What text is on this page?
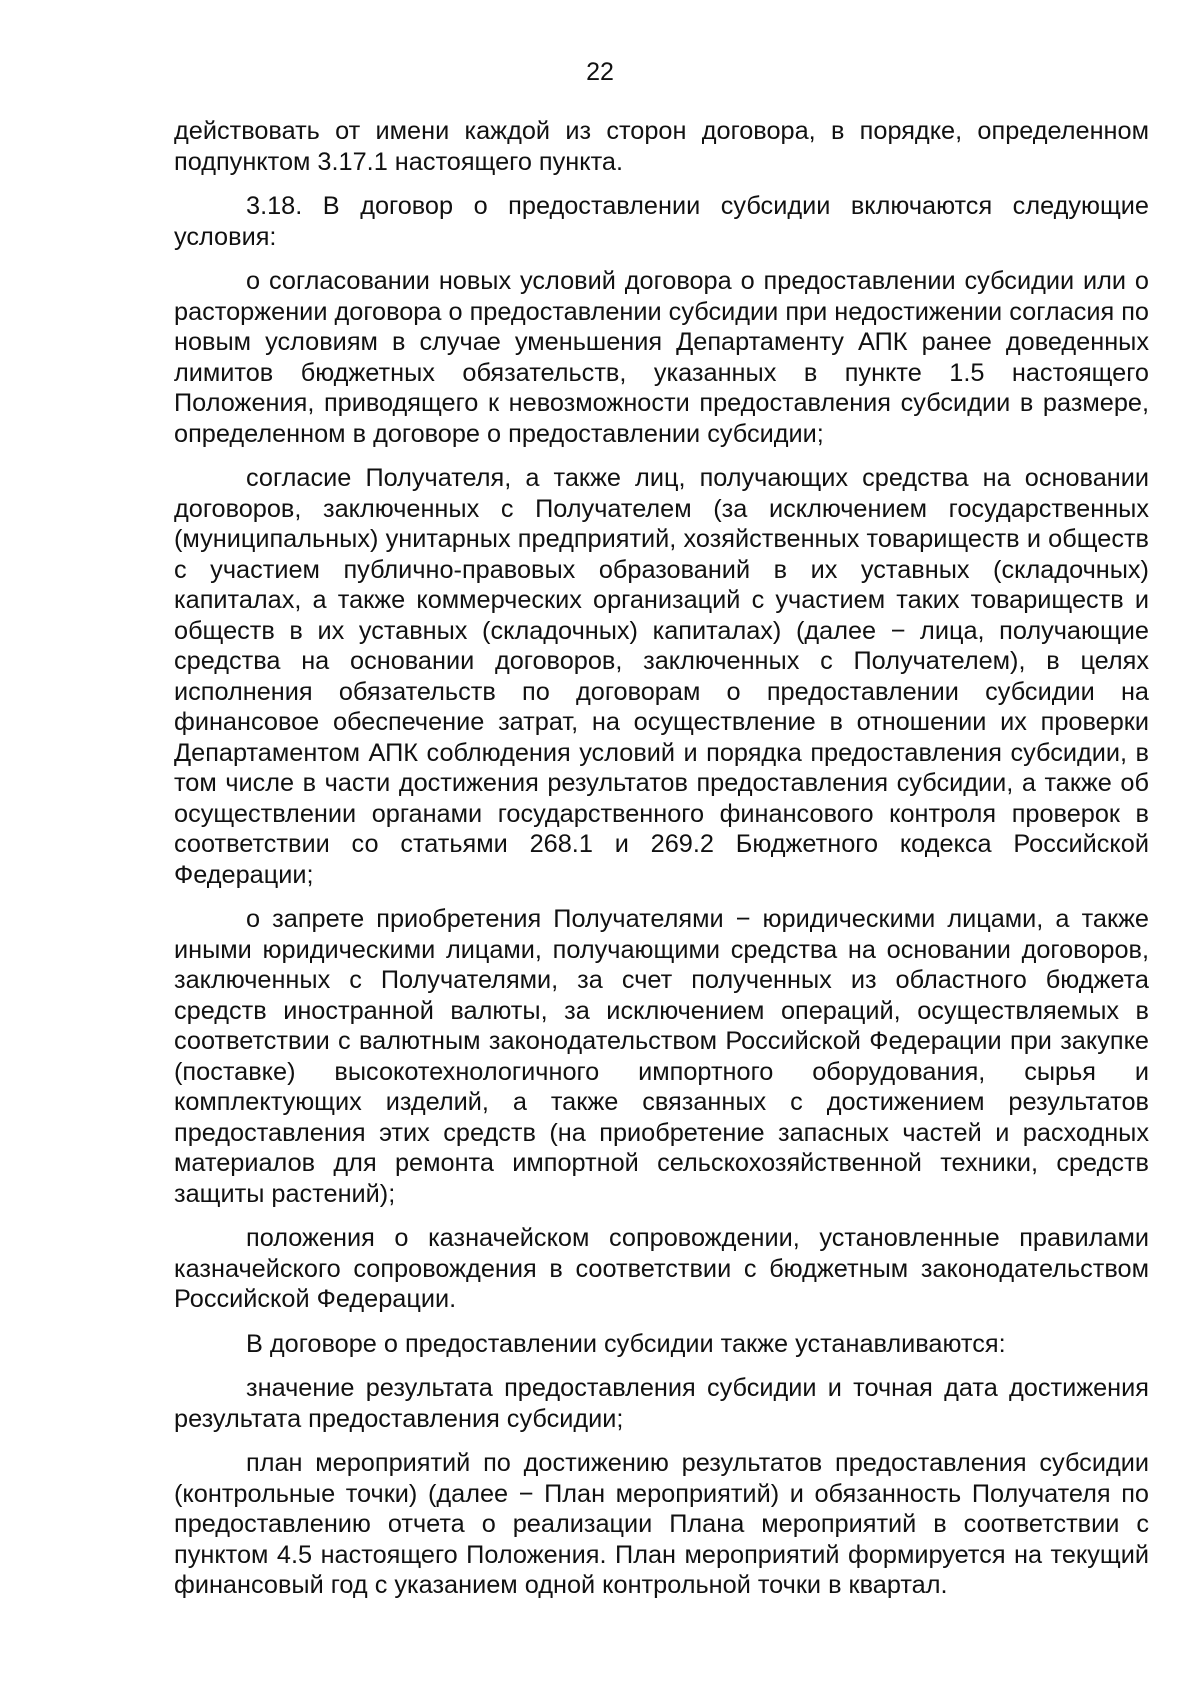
22

действовать от имени каждой из сторон договора, в порядке, определенном подпунктом 3.17.1 настоящего пункта.

3.18. В договор о предоставлении субсидии включаются следующие условия:

о согласовании новых условий договора о предоставлении субсидии или о расторжении договора о предоставлении субсидии при недостижении согласия по новым условиям в случае уменьшения Департаменту АПК ранее доведенных лимитов бюджетных обязательств, указанных в пункте 1.5 настоящего Положения, приводящего к невозможности предоставления субсидии в размере, определенном в договоре о предоставлении субсидии;

согласие Получателя, а также лиц, получающих средства на основании договоров, заключенных с Получателем (за исключением государственных (муниципальных) унитарных предприятий, хозяйственных товариществ и обществ с участием публично-правовых образований в их уставных (складочных) капиталах, а также коммерческих организаций с участием таких товариществ и обществ в их уставных (складочных) капиталах) (далее − лица, получающие средства на основании договоров, заключенных с Получателем), в целях исполнения обязательств по договорам о предоставлении субсидии на финансовое обеспечение затрат, на осуществление в отношении их проверки Департаментом АПК соблюдения условий и порядка предоставления субсидии, в том числе в части достижения результатов предоставления субсидии, а также об осуществлении органами государственного финансового контроля проверок в соответствии со статьями 268.1 и 269.2 Бюджетного кодекса Российской Федерации;

о запрете приобретения Получателями − юридическими лицами, а также иными юридическими лицами, получающими средства на основании договоров, заключенных с Получателями, за счет полученных из областного бюджета средств иностранной валюты, за исключением операций, осуществляемых в соответствии с валютным законодательством Российской Федерации при закупке (поставке) высокотехнологичного импортного оборудования, сырья и комплектующих изделий, а также связанных с достижением результатов предоставления этих средств (на приобретение запасных частей и расходных материалов для ремонта импортной сельскохозяйственной техники, средств защиты растений);

положения о казначейском сопровождении, установленные правилами казначейского сопровождения в соответствии с бюджетным законодательством Российской Федерации.

В договоре о предоставлении субсидии также устанавливаются:

значение результата предоставления субсидии и точная дата достижения результата предоставления субсидии;

план мероприятий по достижению результатов предоставления субсидии (контрольные точки) (далее − План мероприятий) и обязанность Получателя по предоставлению отчета о реализации Плана мероприятий в соответствии с пунктом 4.5 настоящего Положения. План мероприятий формируется на текущий финансовый год с указанием одной контрольной точки в квартал.
